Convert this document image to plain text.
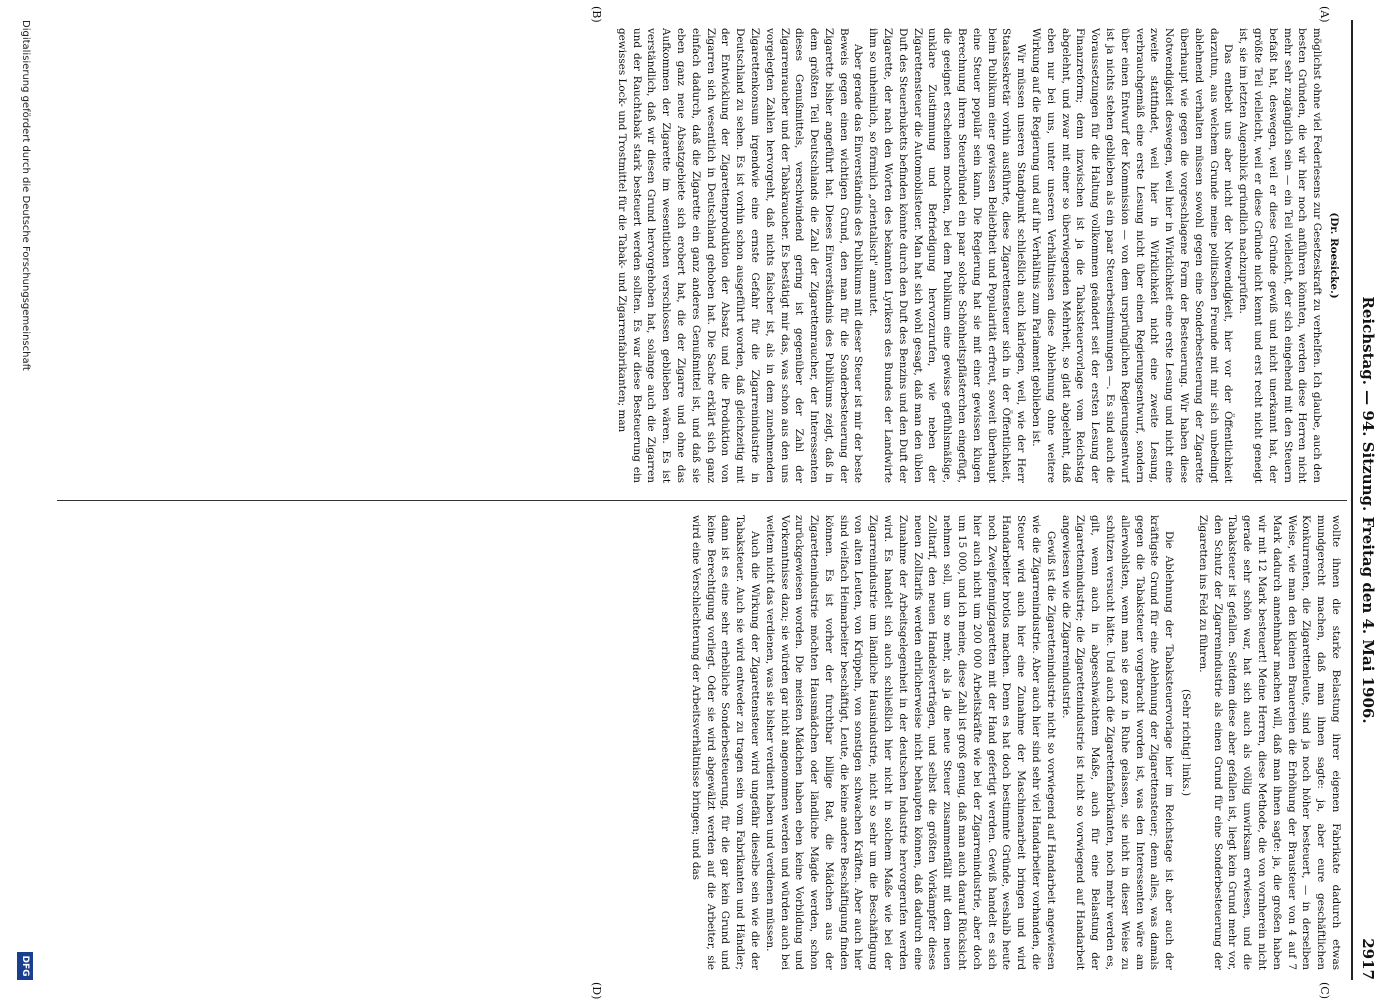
Reichstag. — 94. Sitzung. Freitag den 4. Mai 1906.
2917
(A)
(B)
(C)
(D)

(Dr. Roesicke.)

möglichst ohne viel Federlesens zur Gesetzeskraft zu verhelfen. Ich glaube, auch den besten Gründen, die wir hier noch anführen könnten, werden diese Herren nicht mehr sehr zugänglich sein — ein Teil vielleicht, der sich eingehend mit den Steuern befaßt hat, deswegen, weil er diese Gründe gewiß und nicht unerkannt hat, der größte Teil vielleicht, weil er diese Gründe nicht kennt und erst recht nicht geneigt ist, sie im letzten Augenblick gründlich nachzuprüfen.

Das entbebt uns aber nicht der Notwendigkeit, hier vor der Öffentlichkeit darzutun, aus welchem Grunde meine politischen Freunde mit mir sich unbedingt ablehnend verhalten müssen sowohl gegen eine Sonderbesteuerung der Zigarette überhaupt wie gegen die vorgeschlagene Form der Besteuerung. Wir haben diese Notwendigkeit deswegen, weil hier in Wirklichkeit eine erste Lesung und nicht eine zweite stattfindet, weil hier in Wirklichkeit nicht eine zweite Lesung, verbrauchgemäß eine erste Lesung nicht über einen Regierungsentwurf, sondern über einen Entwurf der Kommission — von dem ursprünglichen Regierungsentwurf ist ja nichts stehen geblieben als ein paar Steuerbestimmungen —. Es sind auch die Voraussetzungen für die Haltung vollkommen geändert seit der ersten Lesung der Finanzreform; denn inzwischen ist ja die Tabaksteuervorlage vom Reichstag abgelehnt, und zwar mit einer so überwiegenden Mehrheit, so glatt abgelehnt, daß eben nur bei uns, unter unseren Verhältnissen diese Ablehnung ohne weitere Wirkung auf die Regierung und auf ihr Verhältnis zum Parlament geblieben ist.

Wir müssen unseren Standpunkt schließlich auch klarlegen, weil, wie der Herr Staatssekretär vorhin ausführte, diese Zigarettensteuer sich in der Öffentlichkeit, beim Publikum einer gewissen Beliebtheit und Popularität erfreut, soweit überhaupt eine Steuer populär sein kann. Die Regierung hat sie mit einer gewissen klugen Berechnung ihrem Steuerbündel ein paar solche Schönheitspflästerchen eingefügt, die geeignet erscheinen mochten, bei dem Publikum eine gewisse gefühlsmäßige, unklare Zustimmung und Befriedigung hervorzurufen, wie neben der Zigarettensteuer die Automobilsteuer. Man hat sich wohl gesagt, daß man den üblen Duft des Steuerbuketts befinden könnte durch den Duft des Benzins und den Duft der Zigarette, der nach den Worten des bekannten Lyrikers des Bundes der Landwirte ihm so unheimlich, so förmlich „orientalisch" anmutet.

Aber gerade das Einverständnis des Publikums mit dieser Steuer ist mir der beste Beweis gegen einen wichtigen Grund, den man für die Sonderbesteuerung der Zigarette bisher angeführt hat. Dieses Einverständnis des Publikums zeigt, daß in dem größten Teil Deutschlands die Zahl der Zigarettenraucher, der Interessenten dieses Genußmittels, verschwindend gering ist gegenüber der Zahl der Zigarrenraucher und der Tabakraucher. Es bestätigt mir das, was schon aus den uns vorgelegten Zahlen hervorgeht, daß nichts falscher ist, als in dem zunehmenden Zigarettenkonsum irgendwie eine ernste Gefahr für die Zigarrenindustrie in Deutschland zu sehen. Es ist vorhin schon ausgeführt worden, daß gleichzeitig mit der Entwicklung der Zigarettenproduktion der Absatz und die Produktion von Zigarren sich wesentlich in Deutschland gehoben hat. Die Sache erklärt sich ganz einfach dadurch, daß die Zigarette ein ganz anderes Genußmittel ist, und daß sie eben ganz neue Absatzgebiete sich erobert hat, die der Zigarre und ohne das Aufkommen der Zigarette im wesentlichen verschlossen geblieben wären. Es ist verständlich, daß wir diesen Grund hervorgehoben hat, solange auch die Zigarren und der Rauchtabak stark besteuert werden sollten. Es war diese Besteuerung ein gewisses Lock- und Trostmittel für die Tabak- und Zigarrenfabrikanten; man

wollte ihnen die starke Belastung ihrer eigenen Fabrikate dadurch etwas mundgerecht machen, daß man ihnen sagte: ja, aber eure geschäftlichen Konkurrenten, die Zigarettenleute, sind ja noch höher besteuert, — in derselben Weise, wie man den kleinen Brauereien die Erhöhung der Brausteuer von 4 auf 7 Mark dadurch annehmbar machen will, daß man ihnen sagte: ja, die großen haben wir mit 12 Mark besteuert! Meine Herren, diese Methode, die von vornherein nicht gerade sehr schön war, hat sich auch als völlig unwirksam erwiesen, und die Tabaksteuer ist gefallen. Seitdem diese aber gefallen ist, liegt kein Grund mehr vor, den Schutz der Zigarrenindustrie als einen Grund für eine Sonderbesteuerung der Zigaretten ins Feld zu führen.

(Sehr richtig! links.)

Die Ablehnung der Tabaksteuervorlage hier im Reichstage ist aber auch der kräftigste Grund für eine Ablehnung der Zigarettensteuer; denn alles, was damals gegen die Tabaksteuer vorgebracht worden ist, was den Interessenten wäre am allerwohlsten, wenn man sie ganz in Ruhe gelassen, sie nicht in dieser Weise zu schützen versucht hätte. Und auch die Zigarettenfabrikanten, noch mehr werden es, gilt, wenn auch in abgeschwächtem Maße, auch für eine Belastung der Zigarettenindustrie; die Zigarettenindustrie ist nicht so vorwiegend auf Handarbeit angewiesen wie die Zigarrenindustrie.

Gewiß ist die Zigarettenindustrie nicht so vorwiegend auf Handarbeit angewiesen wie die Zigarrenindustrie. Aber auch hier sind sehr viel Handarbeiter vorhanden, die Steuer wird auch hier eine Zunahme der Maschinenarbeit bringen und wird Handarbeiter brotlos machen. Denn es hat doch bestimmte Gründe, weshalb heute noch Zweipfennigzigaretten mit der Hand gefertigt werden. Gewiß handelt es sich hier auch nicht um 200 000 Arbeitskräfte wie bei der Zigarrenindustrie, aber doch um 15 000, und ich meine, diese Zahl ist groß genug, daß man auch darauf Rücksicht nehmen soll, um so mehr, als ja die neue Steuer zusammenfällt mit dem neuen Zolltarif, den neuen Handelsverträgen, und selbst die größten Vorkämpfer dieses neuen Zolltarifs werden ehrlicherweise nicht behaupten können, daß dadurch eine Zunahme der Arbeitsgelegenheit in der deutschen Industrie hervorgerufen werden wird. Es handelt sich auch schließlich hier nicht in solchem Maße wie bei der Zigarrenindustrie um ländliche Hausindustrie, nicht so sehr um die Beschäftigung von alten Leuten, von Krüppeln, von sonstigen schwachen Kräften. Aber auch hier sind vielfach Heimarbeiter beschäftigt, Leute, die keine andere Beschäftigung finden können. Es ist vorher der furchtbar billige Rat, die Mädchen aus der Zigarettenindustrie möchten Hausmädchen oder ländliche Mägde werden, schon zurückgewiesen worden. Die meisten Mädchen haben eben keine Vorbildung und Vorkenntnisse dazu; sie würden gar nicht angenommen werden und würden auch bei weitem nicht das verdienen, was sie bisher verdient haben und verdienen müssen.

Auch die Wirkung der Zigarettensteuer wird ungefähr dieselbe sein wie die der Tabaksteuer. Auch sie wird entweder zu tragen sein vom Fabrikanten und Händler; dann ist es eine sehr erhebliche Sonderbesteuerung, für die gar kein Grund und keine Berechtigung vorliegt. Oder sie wird abgewälzt werden auf die Arbeiter, sie wird eine Verschlechterung der Arbeitsverhältnisse bringen; und das

Digitalisierung gefördert durch die Deutsche Forschungsgemeinschaft
DFG
